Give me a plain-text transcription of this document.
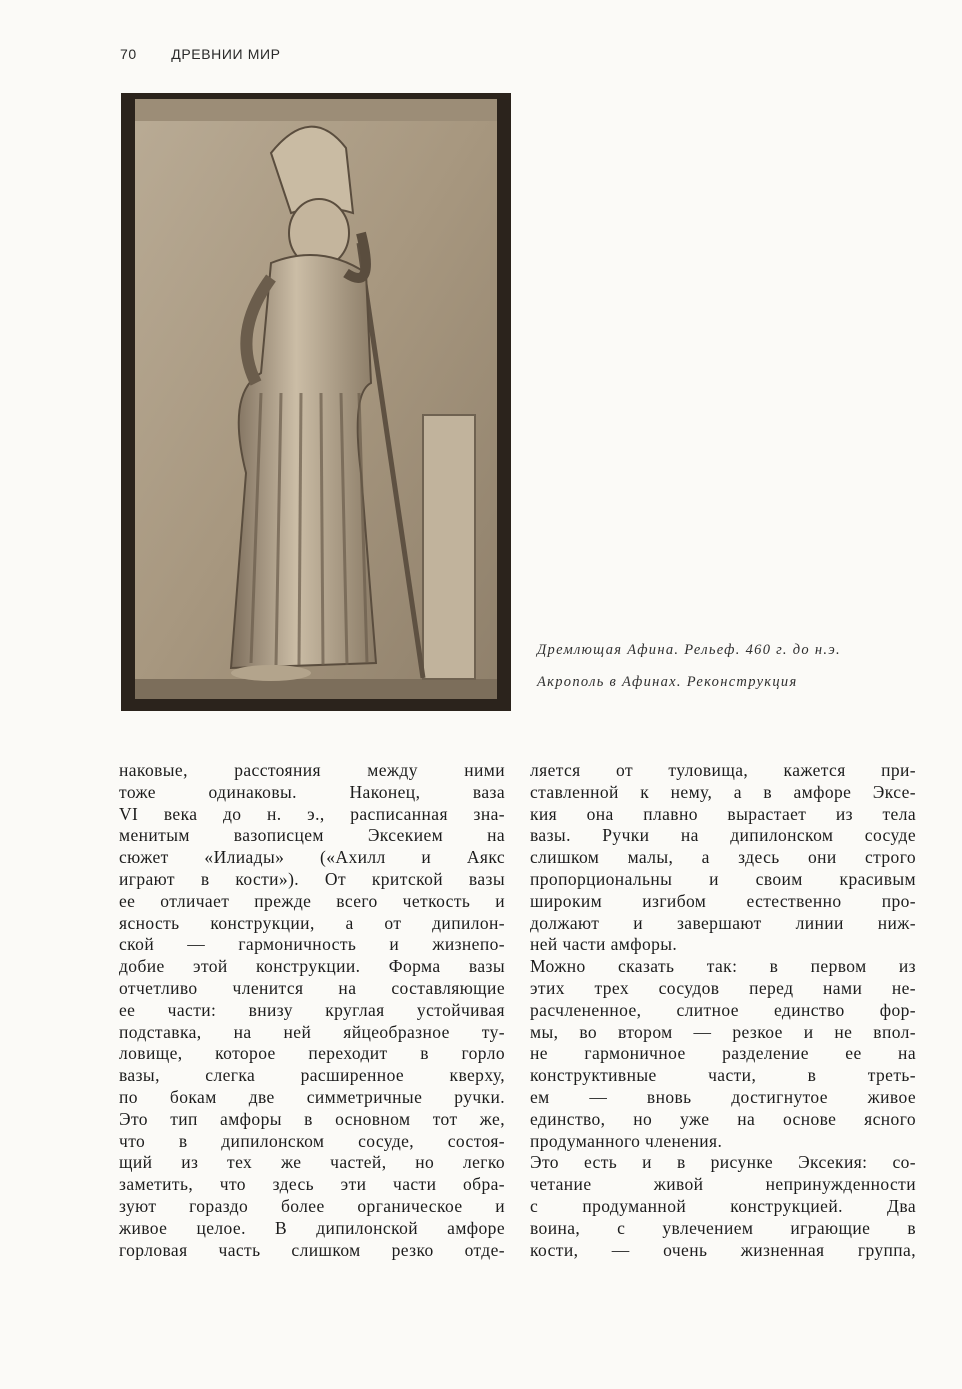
70 ДРЕВНИИ МИР

Дремлющая Афина. Рельеф. 460 г. до н.э.

Акрополь в Афинах. Реконструкция

наковые, расстояния между ними

тоже одинаковы. Наконец, ваза

VI века до н. э., расписанная зна-

менитым вазописцем Эксекием на

сюжет «Илиады» («Ахилл и Аякс

играют в кости»). От критской вазы

ее отличает прежде всего четкость и

ясность конструкции, а от дипилон-

ской — гармоничность и жизнепо-

добие этой конструкции. Форма вазы

отчетливо членится на составляющие

ее части: внизу круглая устойчивая

подставка, на ней яйцеобразное ту-

ловище, которое переходит в горло

вазы, слегка расширенное кверху,

по бокам две симметричные ручки.

Это тип амфоры в основном тот же,

что в дипилонском сосуде, состоя-

щий из тех же частей, но легко

заметить, что здесь эти части обра-

зуют гораздо более органическое и

живое целое. В дипилонской амфоре

горловая часть слишком резко отде-

ляется от туловища, кажется при-

ставленной к нему, а в амфоре Эксе-

кия она плавно вырастает из тела

вазы. Ручки на дипилонском сосуде

слишком малы, а здесь они строго

пропорциональны и своим красивым

широким изгибом естественно про-

должают и завершают линии ниж-

ней части амфоры.

Можно сказать так: в первом из

этих трех сосудов перед нами не-

расчлененное, слитное единство фор-

мы, во втором — резкое и не впол-

не гармоничное разделение ее на

конструктивные части, в треть-

ем — вновь достигнутое живое

единство, но уже на основе ясного

продуманного членения.

Это есть и в рисунке Эксекия: со-

четание живой непринужденности

с продуманной конструкцией. Два

воина, с увлечением играющие в

кости, — очень жизненная группа,
